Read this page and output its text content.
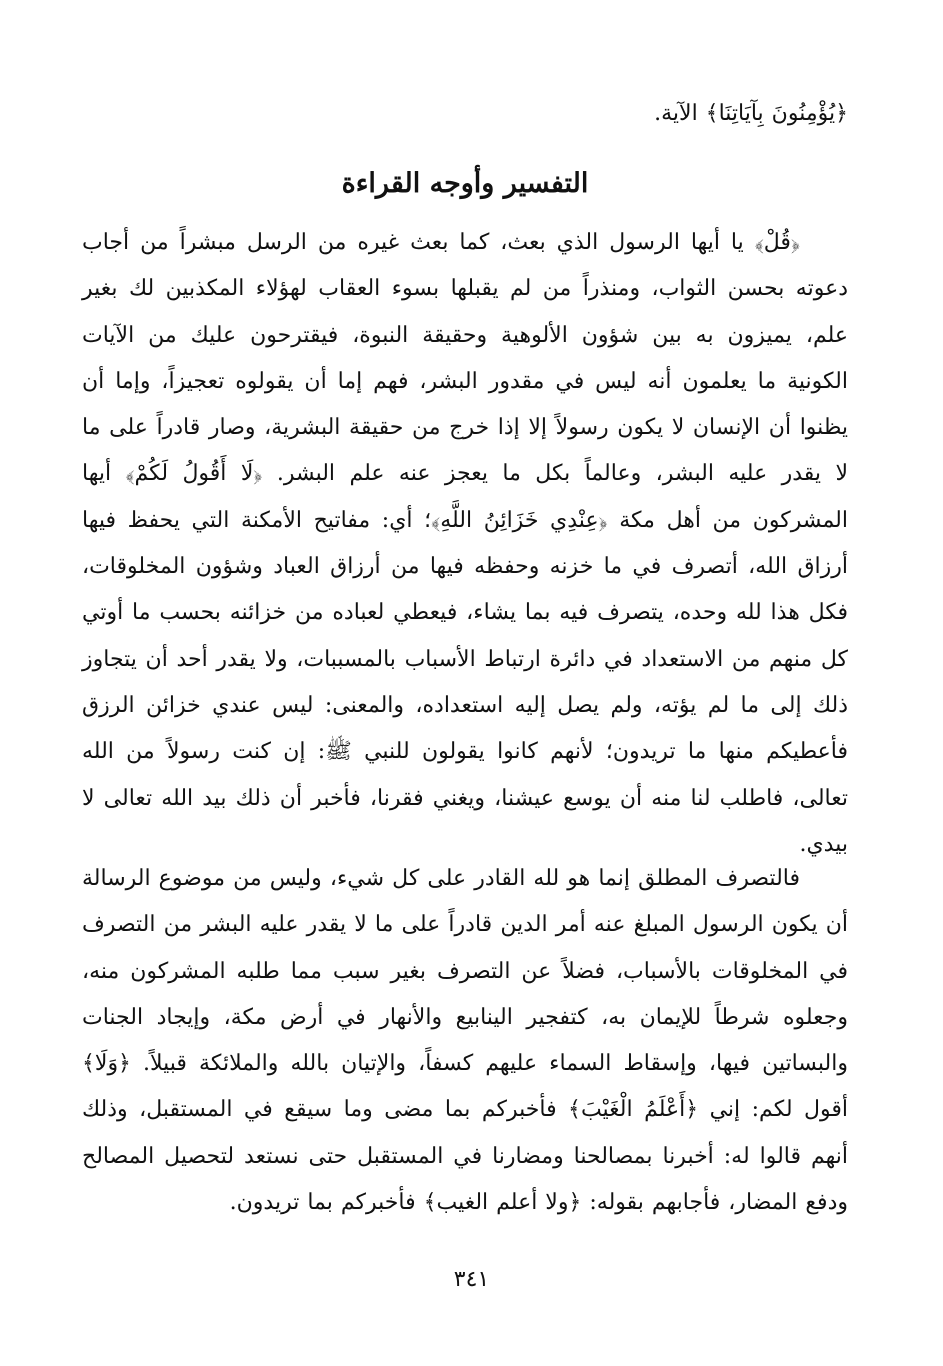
﴿يُؤْمِنُونَ بِآيَاتِنَا﴾ الآية.
التفسير وأوجه القراءة
﴿قُلْ﴾ يا أيها الرسول الذي بعث، كما بعث غيره من الرسل مبشراً من أجاب دعوته بحسن الثواب، ومنذراً من لم يقبلها بسوء العقاب لهؤلاء المكذبين لك بغير علم، يميزون به بين شؤون الألوهية وحقيقة النبوة، فيقترحون عليك من الآيات الكونية ما يعلمون أنه ليس في مقدور البشر، فهم إما أن يقولوه تعجيزاً، وإما أن يظنوا أن الإنسان لا يكون رسولاً إلا إذا خرج من حقيقة البشرية، وصار قادراً على ما لا يقدر عليه البشر، وعالماً بكل ما يعجز عنه علم البشر. ﴿لَا أَقُولُ لَكُمْ﴾ أيها المشركون من أهل مكة ﴿عِنْدِي خَزَائِنُ اللَّهِ﴾؛ أي: مفاتيح الأمكنة التي يحفظ فيها أرزاق الله، أتصرف في ما خزنه وحفظه فيها من أرزاق العباد وشؤون المخلوقات، فكل هذا لله وحده، يتصرف فيه بما يشاء، فيعطي لعباده من خزائنه بحسب ما أوتي كل منهم من الاستعداد في دائرة ارتباط الأسباب بالمسببات، ولا يقدر أحد أن يتجاوز ذلك إلى ما لم يؤته، ولم يصل إليه استعداده، والمعنى: ليس عندي خزائن الرزق فأعطيكم منها ما تريدون؛ لأنهم كانوا يقولون للنبي ﷺ: إن كنت رسولاً من الله تعالى، فاطلب لنا منه أن يوسع عيشنا، ويغني فقرنا، فأخبر أن ذلك بيد الله تعالى لا بيدي.
فالتصرف المطلق إنما هو لله القادر على كل شيء، وليس من موضوع الرسالة أن يكون الرسول المبلغ عنه أمر الدين قادراً على ما لا يقدر عليه البشر من التصرف في المخلوقات بالأسباب، فضلاً عن التصرف بغير سبب مما طلبه المشركون منه، وجعلوه شرطاً للإيمان به، كتفجير الينابيع والأنهار في أرض مكة، وإيجاد الجنات والبساتين فيها، وإسقاط السماء عليهم كسفاً، والإتيان بالله والملائكة قبيلاً. ﴿وَلَا﴾ أقول لكم: إني ﴿أَعْلَمُ الْغَيْبَ﴾ فأخبركم بما مضى وما سيقع في المستقبل، وذلك أنهم قالوا له: أخبرنا بمصالحنا ومضارنا في المستقبل حتى نستعد لتحصيل المصالح ودفع المضار، فأجابهم بقوله: ﴿ولا أعلم الغيب﴾ فأخبركم بما تريدون.
٣٤١
